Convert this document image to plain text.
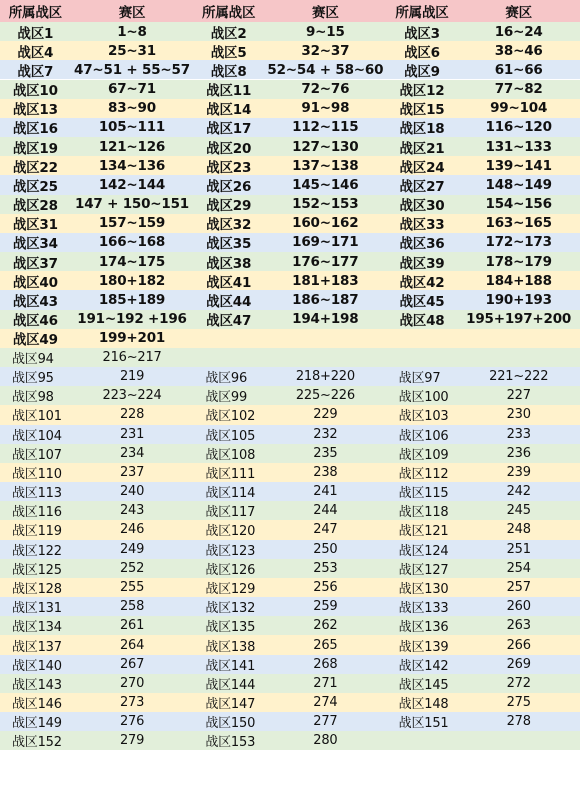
所属战区	赛区	所属战区	赛区	所属战区	赛区
战区1	1~8	战区2	9~15	战区3	16~24
战区4	25~31	战区5	32~37	战区6	38~46
战区7	47~51 + 55~57	战区8	52~54 + 58~60	战区9	61~66
战区10	67~71	战区11	72~76	战区12	77~82
战区13	83~90	战区14	91~98	战区15	99~104
战区16	105~111	战区17	112~115	战区18	116~120
战区19	121~126	战区20	127~130	战区21	131~133
战区22	134~136	战区23	137~138	战区24	139~141
战区25	142~144	战区26	145~146	战区27	148~149
战区28	147 + 150~151	战区29	152~153	战区30	154~156
战区31	157~159	战区32	160~162	战区33	163~165
战区34	166~168	战区35	169~171	战区36	172~173
战区37	174~175	战区38	176~177	战区39	178~179
战区40	180+182	战区41	181+183	战区42	184+188
战区43	185+189	战区44	186~187	战区45	190+193
战区46	191~192 +196	战区47	194+198	战区48	195+197+200
战区49	199+201
战区94	216~217
战区95	219	战区96	218+220	战区97	221~222
战区98	223~224	战区99	225~226	战区100	227
战区101	228	战区102	229	战区103	230
战区104	231	战区105	232	战区106	233
战区107	234	战区108	235	战区109	236
战区110	237	战区111	238	战区112	239
战区113	240	战区114	241	战区115	242
战区116	243	战区117	244	战区118	245
战区119	246	战区120	247	战区121	248
战区122	249	战区123	250	战区124	251
战区125	252	战区126	253	战区127	254
战区128	255	战区129	256	战区130	257
战区131	258	战区132	259	战区133	260
战区134	261	战区135	262	战区136	263
战区137	264	战区138	265	战区139	266
战区140	267	战区141	268	战区142	269
战区143	270	战区144	271	战区145	272
战区146	273	战区147	274	战区148	275
战区149	276	战区150	277	战区151	278
战区152	279	战区153	280
